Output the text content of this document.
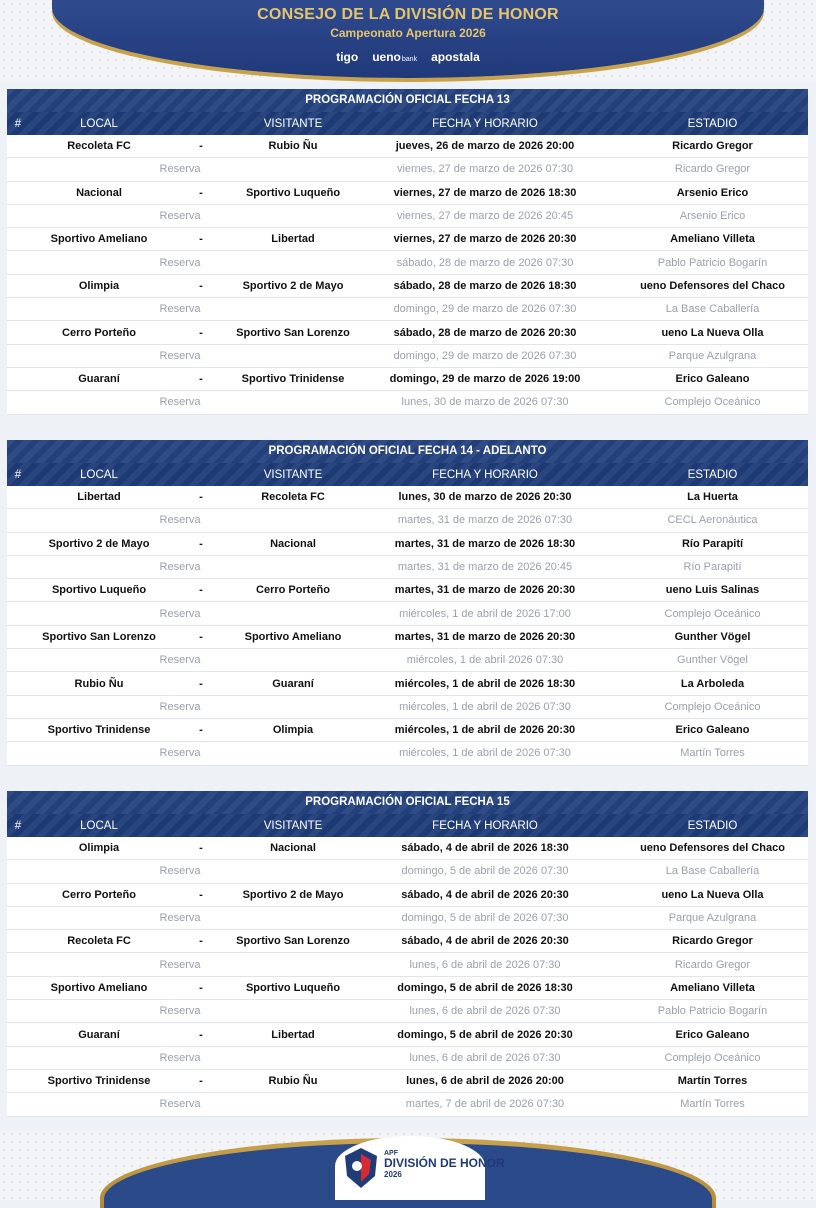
CONSEJO DE LA DIVISIÓN DE HONOR
Campeonato Apertura 2026
tigo uenobank apostala
PROGRAMACIÓN OFICIAL FECHA 13
#	LOCAL	VISITANTE	FECHA Y HORARIO	ESTADIO
Recoleta FC	-	Rubio Ñu	jueves, 26 de marzo de 2026 20:00	Ricardo Gregor
Reserva	viernes, 27 de marzo de 2026 07:30	Ricardo Gregor
Nacional	-	Sportivo Luqueño	viernes, 27 de marzo de 2026 18:30	Arsenio Erico
Reserva	viernes, 27 de marzo de 2026 20:45	Arsenio Erico
Sportivo Ameliano	-	Libertad	viernes, 27 de marzo de 2026 20:30	Ameliano Villeta
Reserva	sábado, 28 de marzo de 2026 07:30	Pablo Patricio Bogarín
Olimpia	-	Sportivo 2 de Mayo	sábado, 28 de marzo de 2026 18:30	ueno Defensores del Chaco
Reserva	domingo, 29 de marzo de 2026 07:30	La Base Caballería
Cerro Porteño	-	Sportivo San Lorenzo	sábado, 28 de marzo de 2026 20:30	ueno La Nueva Olla
Reserva	domingo, 29 de marzo de 2026 07:30	Parque Azulgrana
Guaraní	-	Sportivo Trinidense	domingo, 29 de marzo de 2026 19:00	Erico Galeano
Reserva	lunes, 30 de marzo de 2026 07:30	Complejo Oceánico
PROGRAMACIÓN OFICIAL FECHA 14 - ADELANTO
#	LOCAL	VISITANTE	FECHA Y HORARIO	ESTADIO
Libertad	-	Recoleta FC	lunes, 30 de marzo de 2026 20:30	La Huerta
Reserva	martes, 31 de marzo de 2026 07:30	CECL Aeronáutica
Sportivo 2 de Mayo	-	Nacional	martes, 31 de marzo de 2026 18:30	Río Parapití
Reserva	martes, 31 de marzo de 2026 20:45	Río Parapití
Sportivo Luqueño	-	Cerro Porteño	martes, 31 de marzo de 2026 20:30	ueno Luis Salinas
Reserva	miércoles, 1 de abril de 2026 17:00	Complejo Oceánico
Sportivo San Lorenzo	-	Sportivo Ameliano	martes, 31 de marzo de 2026 20:30	Gunther Vögel
Reserva	miércoles, 1 de abril 2026 07:30	Gunther Vögel
Rubio Ñu	-	Guaraní	miércoles, 1 de abril de 2026 18:30	La Arboleda
Reserva	miércoles, 1 de abril de 2026 07:30	Complejo Oceánico
Sportivo Trinidense	-	Olimpia	miércoles, 1 de abril de 2026 20:30	Erico Galeano
Reserva	miércoles, 1 de abril de 2026 07:30	Martín Torres
PROGRAMACIÓN OFICIAL FECHA 15
#	LOCAL	VISITANTE	FECHA Y HORARIO	ESTADIO
Olimpia	-	Nacional	sábado, 4 de abril de 2026 18:30	ueno Defensores del Chaco
Reserva	domingo, 5 de abril de 2026 07:30	La Base Caballería
Cerro Porteño	-	Sportivo 2 de Mayo	sábado, 4 de abril de 2026 20:30	ueno La Nueva Olla
Reserva	domingo, 5 de abril de 2026 07:30	Parque Azulgrana
Recoleta FC	-	Sportivo San Lorenzo	sábado, 4 de abril de 2026 20:30	Ricardo Gregor
Reserva	lunes, 6 de abril de 2026 07:30	Ricardo Gregor
Sportivo Ameliano	-	Sportivo Luqueño	domingo, 5 de abril de 2026 18:30	Ameliano Villeta
Reserva	lunes, 6 de abril de 2026 07:30	Pablo Patricio Bogarín
Guaraní	-	Libertad	domingo, 5 de abril de 2026 20:30	Erico Galeano
Reserva	lunes, 6 de abril de 2026 07:30	Complejo Oceánico
Sportivo Trinidense	-	Rubio Ñu	lunes, 6 de abril de 2026 20:00	Martín Torres
Reserva	martes, 7 de abril de 2026 07:30	Martín Torres
APF
DIVISIÓN DE HONOR
2026
